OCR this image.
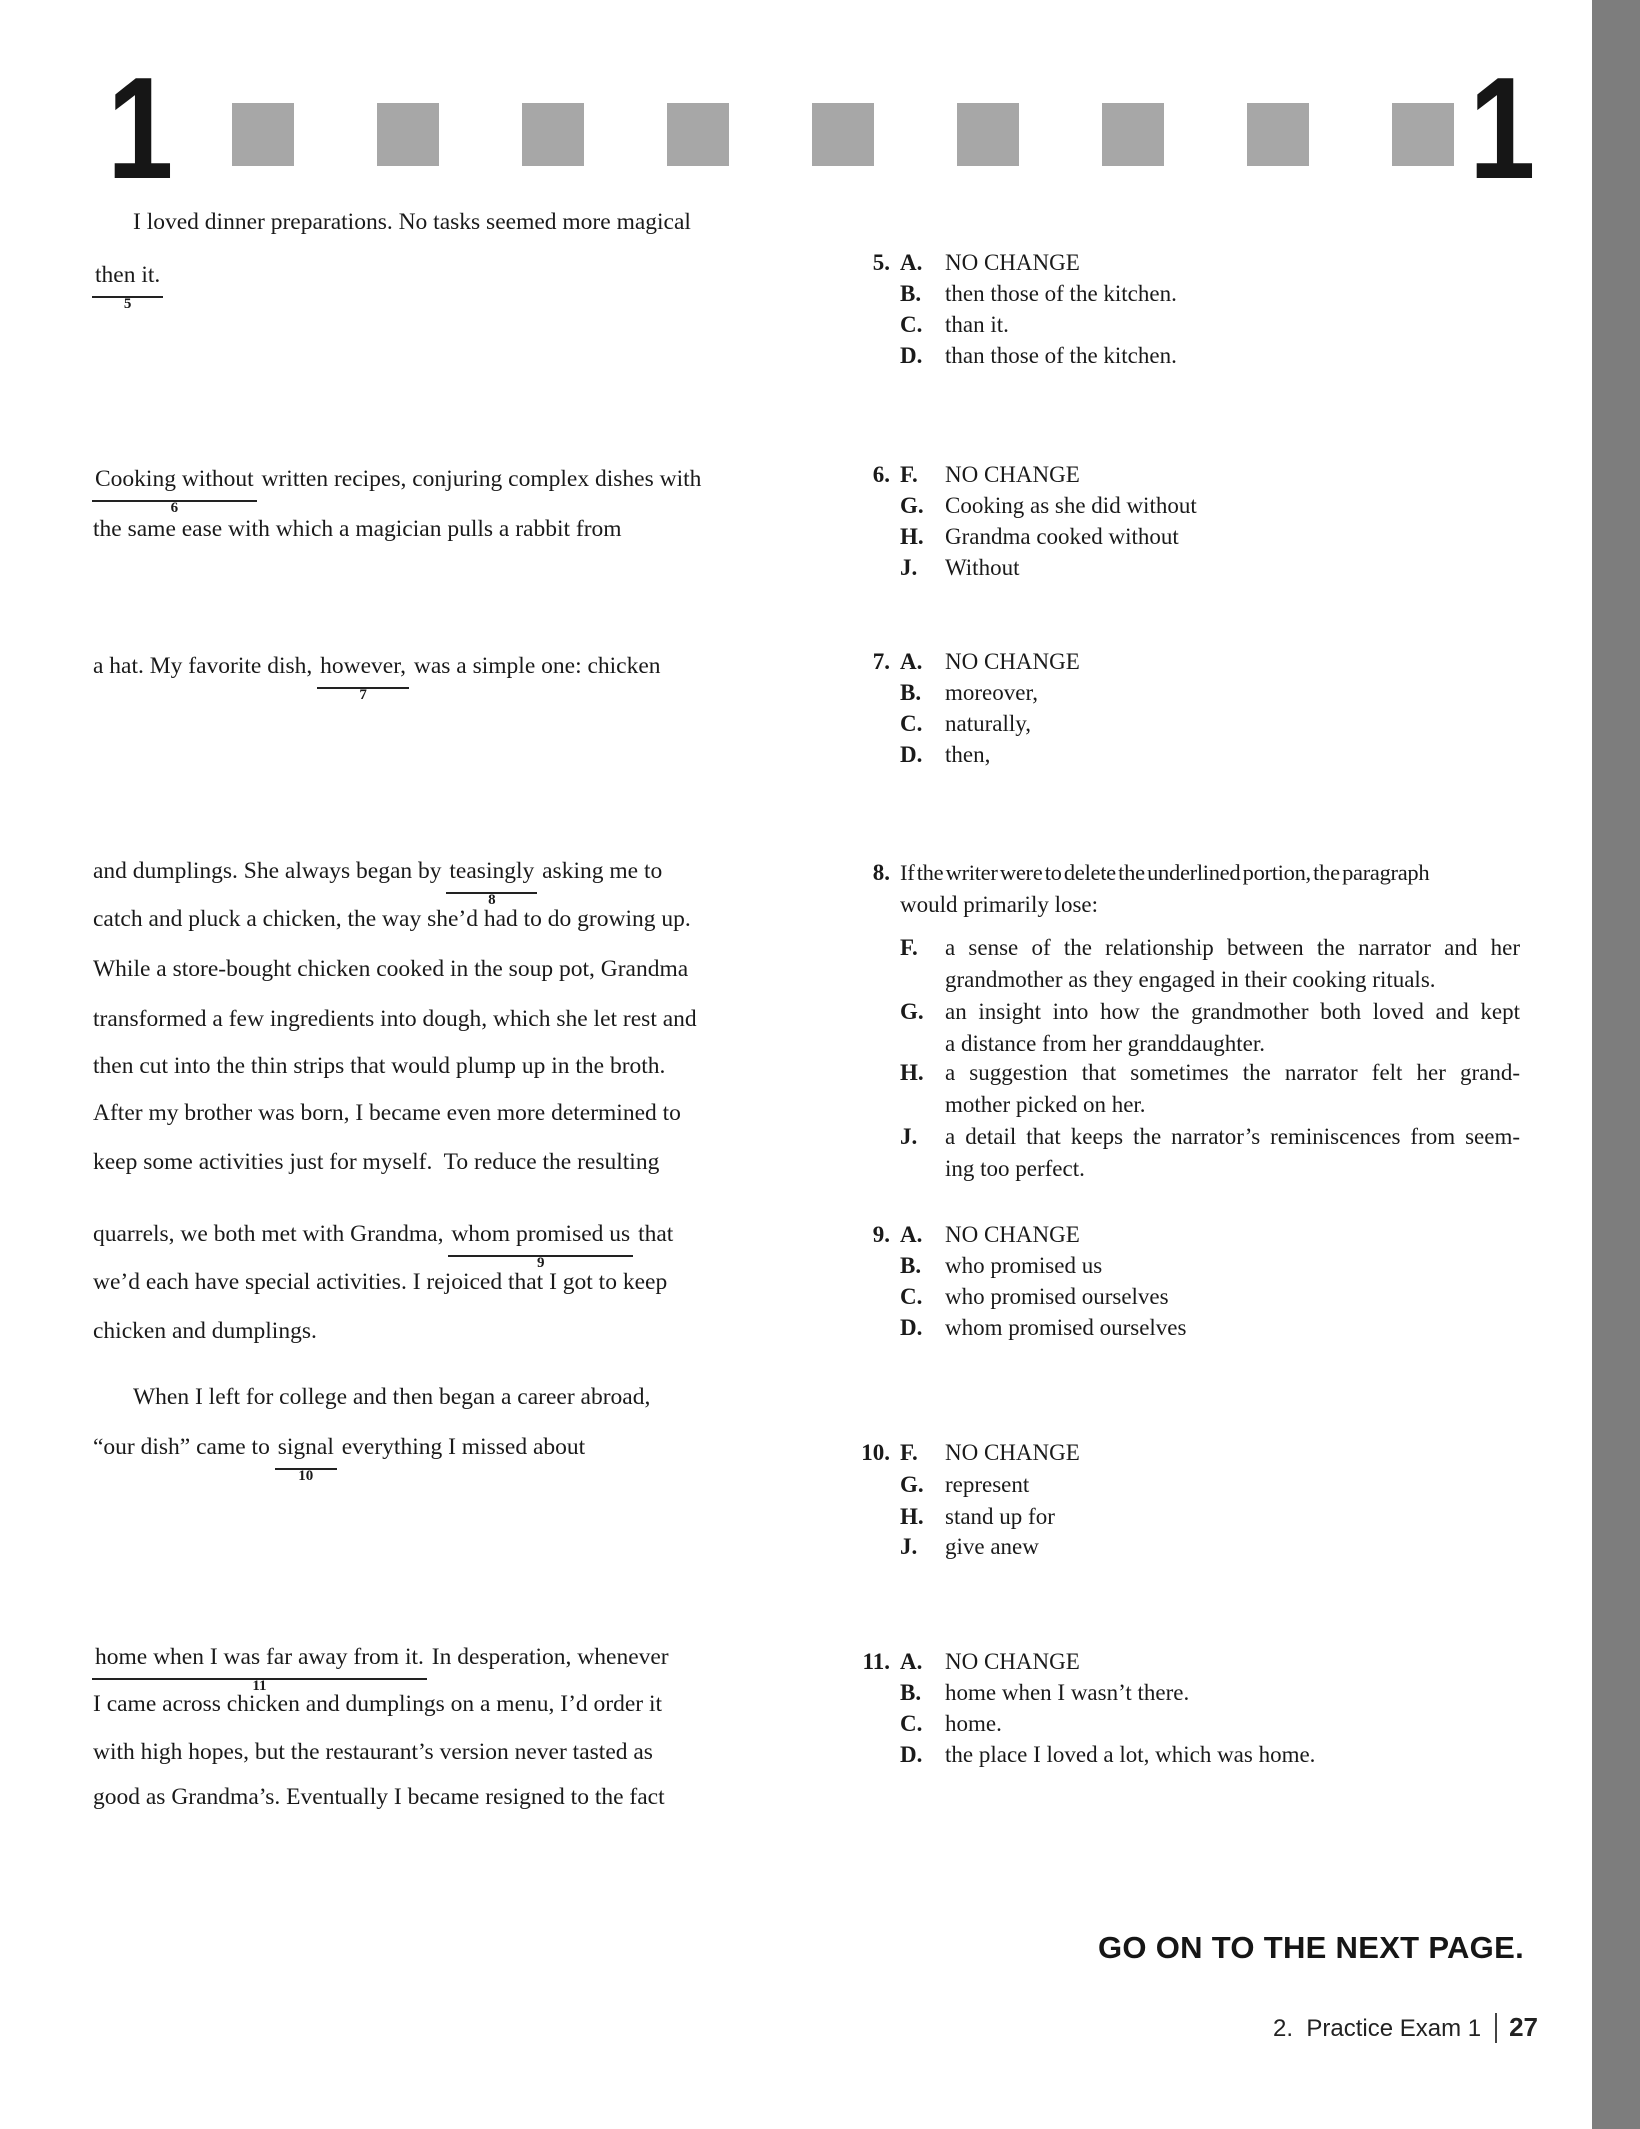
1	1
I loved dinner preparations. No tasks seemed more magical
then it.
5
Cooking without
6
written recipes, conjuring complex dishes with
the same ease with which a magician pulls a rabbit from
a hat. My favorite dish, however,
7
was a simple one: chicken
and dumplings. She always began by teasingly
8
asking me to
catch and pluck a chicken, the way she’d had to do growing up.
While a store-bought chicken cooked in the soup pot, Grandma
transformed a few ingredients into dough, which she let rest and
then cut into the thin strips that would plump up in the broth.
After my brother was born, I became even more determined to
keep some activities just for myself.  To reduce the resulting
quarrels, we both met with Grandma, whom promised us
9
that
we’d each have special activities. I rejoiced that I got to keep
chicken and dumplings.
When I left for college and then began a career abroad,
“our dish” came to signal
10
everything I missed about
home when I was far away from it.
11
In desperation, whenever
I came across chicken and dumplings on a menu, I’d order it
with high hopes, but the restaurant’s version never tasted as
good as Grandma’s. Eventually I became resigned to the fact
5. A. NO CHANGE
B.	then those of the kitchen.
C. than it.
D. than those of the kitchen.
6. F.	NO CHANGE
G. Cooking as she did without
H. Grandma cooked without
J.	Without
7. A. NO CHANGE
B.	moreover,
C. naturally,
D. then,
8. If the writer were to delete the underlined portion, the paragraph
would primarily lose:
F.	a sense of the relationship between the narrator and her
grandmother as they engaged in their cooking rituals.
G. an insight into how the grandmother both loved and kept
a distance from her granddaughter.
H. a suggestion that sometimes the narrator felt her grand-
mother picked on her.
J.	a detail that keeps the narrator’s reminiscences from seem-
ing too perfect.
9. A. NO CHANGE
B.	who promised us
C. who promised ourselves
D. whom promised ourselves
10. F.	NO CHANGE
G. represent
H. stand up for
J.	give anew
11. A. NO CHANGE
B.	home when I wasn’t there.
C. home.
D. the place I loved a lot, which was home.
GO ON TO THE NEXT PAGE.
2.  Practice Exam 1 27
